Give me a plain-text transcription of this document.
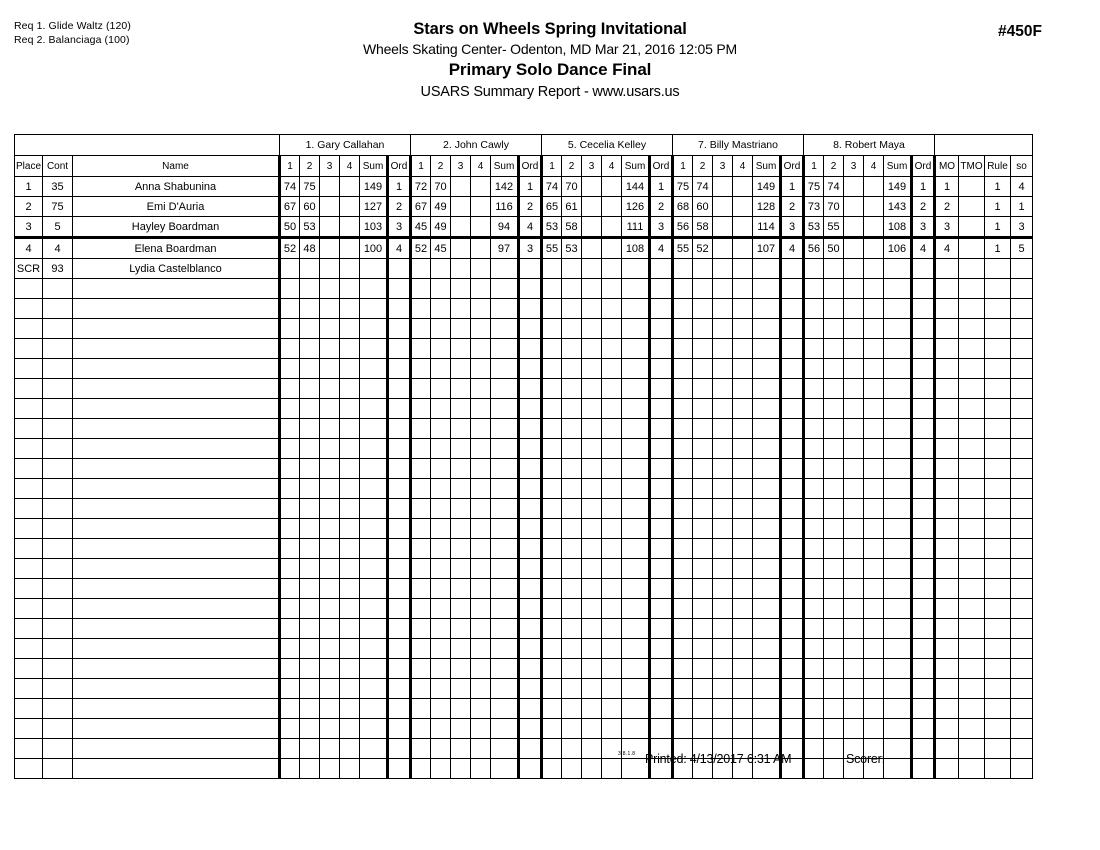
Req 1. Glide Waltz (120)
Req 2. Balanciaga (100)
Stars on Wheels Spring Invitational
Wheels Skating Center- Odenton, MD Mar 21, 2016 12:05 PM
Primary Solo Dance Final
USARS Summary Report - www.usars.us
#450F
			1. Gary Callahan						2. John Cawly						5. Cecelia Kelley						7. Billy Mastriano						8. Robert Maya									
Place	Cont	Name	1	2	3	4	Sum	Ord	1	2	3	4	Sum	Ord	1	2	3	4	Sum	Ord	1	2	3	4	Sum	Ord	1	2	3	4	Sum	Ord	MO	TMO	Rule	so
1	35	Anna Shabunina	74	75			149	1	72	70			142	1	74	70			144	1	75	74			149	1	75	74			149	1	1		1	4
2	75	Emi D'Auria	67	60			127	2	67	49			116	2	65	61			126	2	68	60			128	2	73	70			143	2	2		1	1
3	5	Hayley Boardman	50	53			103	3	45	49			94	4	53	58			111	3	56	58			114	3	53	55			108	3	3		1	3
4	4	Elena Boardman	52	48			100	4	52	45			97	3	55	53			108	4	55	52			107	4	56	50			106	4	4		1	5
SCR	93	Lydia Castelblanco																																		

3.8.1.8 Printed: 4/13/2017 6:31 AM	Scorer:
